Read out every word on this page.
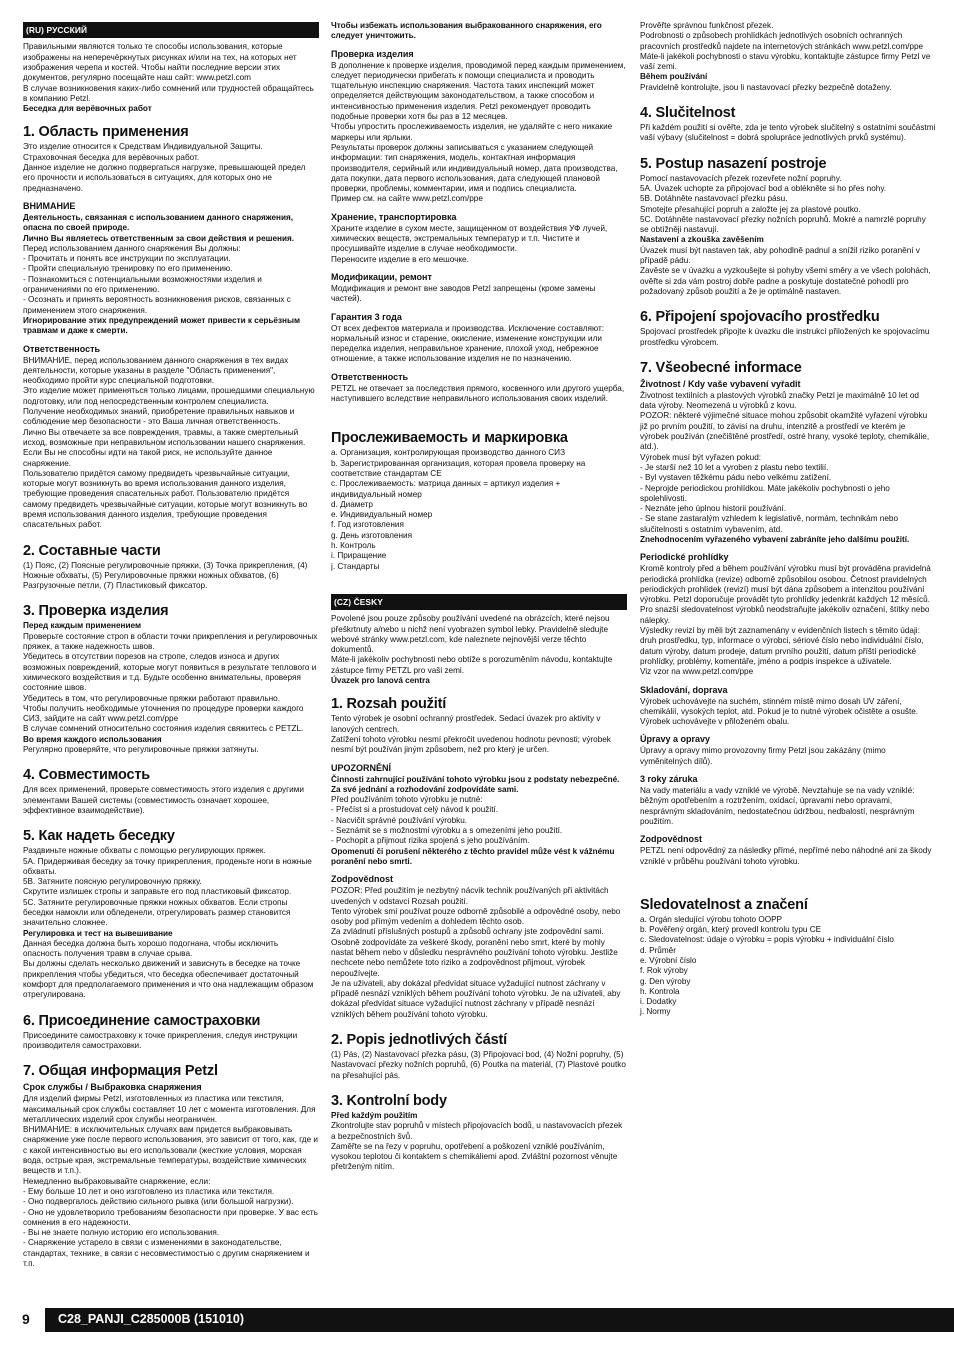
(RU) РУССКИЙ

Правильными являются только те способы использования, которые изображены на неперечёркнутых рисунках и/или на тех, на которых нет изображения черепа и костей. Чтобы найти последние версии этих документов, регулярно посещайте наш сайт: www.petzl.com

В случае возникновения каких-либо сомнений или трудностей обращайтесь в компанию Petzl.

Беседка для верёвочных работ

1. Область применения

Это изделие относится к Средствам Индивидуальной Защиты.
Страховочная беседка для верёвочных работ.
Данное изделие не должно подвергаться нагрузке, превышающей предел его прочности и использоваться в ситуациях, для которых оно не предназначено.

ВНИМАНИЕ

Деятельность, связанная с использованием данного снаряжения, опасна по своей природе.

Лично Вы являетесь ответственным за свои действия и решения.

Перед использованием данного снаряжения Вы должны:
- Прочитать и понять все инструкции по эксплуатации.
- Пройти специальную тренировку по его применению.
- Познакомиться с потенциальными возможностями изделия и ограничениями по его применению.
- Осознать и принять вероятность возникновения рисков, связанных с применением этого снаряжения.

Игнорирование этих предупреждений может привести к серьёзным травмам и даже к смерти.

Ответственность

ВНИМАНИЕ, перед использованием данного снаряжения в тех видах деятельности, которые указаны в разделе "Область применения", необходимо пройти курс специальной подготовки.
Это изделие может применяться только лицами, прошедшими специальную подготовку, или под непосредственным контролем специалиста.
Получение необходимых знаний, приобретение правильных навыков и соблюдение мер безопасности - это Ваша личная ответственность.
Лично Вы отвечаете за все повреждения, травмы, а также смертельный исход, возможные при неправильном использовании нашего снаряжения. Если Вы не способны идти на такой риск, не используйте данное снаряжение.
Пользователю придётся самому предвидеть чрезвычайные ситуации, которые могут возникнуть во время использования данного изделия, требующие проведения спасательных работ. Пользователю придётся самому предвидеть чрезвычайные ситуации, которые могут возникнуть во время использования данного изделия, требующие проведения спасательных работ.

2. Составные части

(1) Пояс, (2) Поясные регулировочные пряжки, (3) Точка прикрепления, (4) Ножные обхваты, (5) Регулировочные пряжки ножных обхватов, (6) Разгрузочные петли, (7) Пластиковый фиксатор.

3. Проверка изделия

Перед каждым применением

Проверьте состояние строп в области точки прикрепления и регулировочных пряжек, а также надежность швов.
Убедитесь в отсутствии порезов на стропе, следов износа и других возможных повреждений, которые могут появиться в результате теплового и химического воздействия и т.д. Будьте особенно внимательны, проверяя состояние швов.
Убедитесь в том, что регулировочные пряжки работают правильно.
Чтобы получить необходимые уточнения по процедуре проверки каждого СИЗ, зайдите на сайт www.petzl.com/ppe
В случае сомнений относительно состояния изделия свяжитесь с PETZL.

Во время каждого использования

Регулярно проверяйте, что регулировочные пряжки затянуты.

4. Совместимость

Для всех применений, проверьте совместимость этого изделия с другими элементами Вашей системы (совместимость означает хорошее, эффективное взаимодействие).

5. Как надеть беседку

Раздвиньте ножные обхваты с помощью регулирующих пряжек.
5A. Придерживая беседку за точку прикрепления, проденьте ноги в ножные обхваты.
5B. Затяните поясную регулировочную пряжку.
Скрутите излишек стропы и заправьте его под пластиковый фиксатор.
5C. Затяните регулировочные пряжки ножных обхватов. Если стропы беседки намокли или обледенели, отрегулировать размер становится значительно сложнее.

Регулировка и тест на вывешивание

Данная беседка должна быть хорошо подогнана, чтобы исключить опасность получения травм в случае срыва.
Вы должны сделать несколько движений и зависнуть в беседке на точке прикрепления чтобы убедиться, что беседка обеспечивает достаточный комфорт для предполагаемого применения и что она надлежащим образом отрегулирована.

6. Присоединение самостраховки

Присоедините самостраховку к точке прикрепления, следуя инструкции производителя самостраховки.

7. Общая информация Petzl
Срок службы / Выбраковка снаряжения

Для изделий фирмы Petzl, изготовленных из пластика или текстиля, максимальный срок службы составляет 10 лет с момента изготовления. Для металлических изделий срок службы неограничен.
ВНИМАНИЕ: в исключительных случаях вам придется выбраковывать снаряжение уже после первого использования, это зависит от того, как, где и с какой интенсивностью вы его использовали (жесткие условия, морская вода, острые края, экстремальные температуры, воздействие химических веществ и т.п.).
Немедленно выбраковывайте снаряжение, если:
- Ему больше 10 лет и оно изготовлено из пластика или текстиля.
- Оно подвергалось действию сильного рывка (или большой нагрузки).
- Оно не удовлетворило требованиям безопасности при проверке. У вас есть сомнения в его надежности.
- Вы не знаете полную историю его использования.
- Снаряжение устарело в связи с изменениями в законодательстве, стандартах, технике, в связи с несовместимостью с другим снаряжением и т.п.

Чтобы избежать использования выбракованного снаряжения, его следует уничтожить.

Проверка изделия

В дополнение к проверке изделия, проводимой перед каждым применением, следует периодически прибегать к помощи специалиста и проводить тщательную инспекцию снаряжения. Частота таких инспекций может определяется действующим законодательством, а также способом и интенсивностью применения изделия. Petzl рекомендует проводить подобные проверки хотя бы раз в 12 месяцев.
Чтобы упростить прослеживаемость изделия, не удаляйте с него никакие маркеры или ярлыки.
Результаты проверок должны записываться с указанием следующей информации: тип снаряжения, модель, контактная информация производителя, серийный или индивидуальный номер, дата производства, дата покупки, дата первого использования, дата следующей плановой проверки, проблемы, комментарии, имя и подпись специалиста.
Пример см. на сайте www.petzl.com/ppe

Хранение, транспортировка

Храните изделие в сухом месте, защищенном от воздействия УФ лучей, химических веществ, экстремальных температур и т.п. Чистите и просушивайте изделие в случае необходимости.
Переносите изделие в его мешочке.

Модификации, ремонт

Модификация и ремонт вне заводов Petzl запрещены (кроме замены частей).

Гарантия 3 года

От всех дефектов материала и производства. Исключение составляют: нормальный износ и старение, окисление, изменение конструкции или переделка изделия, неправильное хранение, плохой уход, небрежное отношение, а также использование изделия не по назначению.

Ответственность

PETZL не отвечает за последствия прямого, косвенного или другого ущерба, наступившего вследствие неправильного использования своих изделий.

Прослеживаемость и маркировка

a. Организация, контролирующая производство данного СИЗ
b. Зарегистрированная организация, которая провела проверку на соответствие стандартам CE
c. Прослеживаемость: матрица данных = артикул изделия + индивидуальный номер
d. Диаметр
e. Индивидуальный номер
f. Год изготовления
g. День изготовления
h. Контроль
i. Приращение
j. Стандарты

(CZ) ČESKY

Povolené jsou pouze způsoby používání uvedené na obrázcích, které nejsou přeškrtnuty a/nebo u nichž není vyobrazen symbol lebky. Pravidelně sledujte webové stránky www.petzl.com, kde naleznete nejnovější verze těchto dokumentů.
Máte-li jakékoliv pochybnosti nebo obtíže s porozuměním návodu, kontaktujte zástupce firmy PETZL pro vaši zemi.

Úvazek pro lanová centra

1. Rozsah použití

Tento výrobek je osobní ochranný prostředek. Sedací úvazek pro aktivity v lanových centrech.
Zatížení tohoto výrobku nesmí překročit uvedenou hodnotu pevnosti; výrobek nesmí být používán jiným způsobem, než pro který je určen.

UPOZORNĚNÍ

Činnosti zahrnující používání tohoto výrobku jsou z podstaty nebezpečné.

Za své jednání a rozhodování zodpovídáte sami.

Před používáním tohoto výrobku je nutné:
- Přečíst si a prostudovat celý návod k použití.
- Nacvičit správné používání výrobku.
- Seznámit se s možnostmi výrobku a s omezeními jeho použití.
- Pochopit a přijmout rizika spojená s jeho používáním.

Opomenutí či porušení některého z těchto pravidel může vést k vážnému poranění nebo smrti.

Zodpovědnost

POZOR: Před použitím je nezbytný nácvik technik používaných při aktivitách uvedených v odstavci Rozsah použití.
Tento výrobek smí používat pouze odborně způsobilé a odpovědné osoby, nebo osoby pod přímým vedením a dohledem těchto osob.
Za zvládnutí příslušných postupů a způsobů ochrany jste zodpovědní sami.
Osobně zodpovídáte za veškeré škody, poranění nebo smrt, které by mohly nastat během nebo v důsledku nesprávného používání tohoto výrobku. Jestliže nechcete nebo nemůžete toto riziko a zodpovědnost přijmout, výrobek nepoužívejte.
Je na uživateli, aby dokázal předvídat situace vyžadující nutnost záchrany v případě nesnází vzniklých během používání tohoto výrobku. Je na uživateli, aby dokázal předvídat situace vyžadující nutnost záchrany v případě nesnází vzniklých během používání tohoto výrobku.

2. Popis jednotlivých částí

(1) Pás, (2) Nastavovací přezka pásu, (3) Připojovací bod, (4) Nožní popruhy, (5) Nastavovací přezky nožních popruhů, (6) Poutka na materiál, (7) Plastové poutko na přesahující pás.

3. Kontrolní body

Před každým použitím

Zkontrolujte stav popruhů v místech připojovacích bodů, u nastavovacích přezek a bezpečnostních švů.
Zaměřte se na řezy v popruhu, opotřebení a poškození vzniklé používáním, vysokou teplotou či kontaktem s chemikáliemi apod. Zvláštní pozornost věnujte přetrženým nitím.

Prověřte správnou funkčnost přezek.
Podrobnosti o způsobech prohlídkách jednotlivých osobních ochranných pracovních prostředků najdete na internetových stránkách www.petzl.com/ppe
Máte-li jakékoli pochybnosti o stavu výrobku, kontaktujte zástupce firmy Petzl ve vaší zemi.

Během používání

Pravidelně kontrolujte, jsou li nastavovací přezky bezpečně dotaženy.

4. Slučitelnost

Při každém použití si ověřte, zda je tento výrobek slučitelný s ostatními součástmi vaší výbavy (slučitelnost = dobrá spolupráce jednotlivých prvků systému).

5. Postup nasazení postroje

Pomocí nastavovacích přezek rozevřete nožní popruhy.
5A. Úvazek uchopte za připojovací bod a oblékněte si ho přes nohy.
5B. Dotáhněte nastavovací přezku pásu.
Smotejte přesahující popruh a založte jej za plastové poutko.
5C. Dotáhněte nastavovací přezky nožních popruhů. Mokré a namrzlé popruhy se obtížněji nastavují.

Nastavení a zkouška zavěšením

Úvazek musí být nastaven tak, aby pohodlně padnul a snížil riziko poranění v případě pádu.
Zavěste se v úvazku a vyzkoušejte si pohyby všemi směry a ve všech polohách, ověřte si zda vám postroj dobře padne a poskytuje dostatečné pohodlí pro požadovaný způsob použití a že je optimálně nastaven.

6. Připojení spojovacího prostředku

Spojovací prostředek připojte k úvazku dle instrukcí přiložených ke spojovacímu prostředku výrobcem.

7. Všeobecné informace
Životnost / Kdy vaše vybavení vyřadit

Životnost textilních a plastových výrobků značky Petzl je maximálně 10 let od data výroby. Neomezená u výrobků z kovu.
POZOR: některé výjimečné situace mohou způsobit okamžité vyřazení výrobku již po prvním použití, to závisí na druhu, intenzitě a prostředí ve kterém je výrobek používán (znečištěné prostředí, ostré hrany, vysoké teploty, chemikálie, atd.).
Výrobek musí být vyřazen pokud:
- Je starší než 10 let a vyroben z plastu nebo textilií.
- Byl vystaven těžkému pádu nebo velkému zatížení.
- Neprojde periodickou prohlídkou. Máte jakékoliv pochybnosti o jeho spolehlivosti.
- Neznáte jeho úplnou historii používání.
- Se stane zastaralým vzhledem k legislativě, normám, technikám nebo slučitelnosti s ostatním vybavením, atd.

Znehodnocením vyřazeného vybavení zabráníte jeho dalšímu použití.

Periodické prohlídky

Kromě kontroly před a během používání výrobku musí být prováděna pravidelná periodická prohlídka (revize) odborně způsobilou osobou. Četnost pravidelných periodických prohlídek (revizí) musí být dána způsobem a intenzitou používání výrobku. Petzl doporučuje provádět tyto prohlídky jedenkrát každých 12 měsíců.
Pro snazší sledovatelnost výrobků neodstraňujte jakékoliv označení, štítky nebo nálepky.
Výsledky revizí by měli být zaznamenány v evidenčních listech s těmito údaji: druh prostředku, typ, informace o výrobci, sériové číslo nebo individuální číslo, datum výroby, datum prodeje, datum prvního použití, datum příští periodické prohlídky, problémy, komentáře, jméno a podpis inspekce a uživatele.
Viz vzor na www.petzl.com/ppe

Skladování, doprava

Výrobek uchovávejte na suchém, stinném místě mimo dosah UV záření, chemikálií, vysokých teplot, atd. Pokud je to nutné výrobek očistěte a osušte. Výrobek uchovávejte v přiloženém obalu.

Úpravy a opravy

Úpravy a opravy mimo provozovny firmy Petzl jsou zakázány (mimo vyměnitelných dílů).

3 roky záruka

Na vady materiálu a vady vzniklé ve výrobě. Nevztahuje se na vady vzniklé: běžným opotřebením a roztržením, oxidací, úpravami nebo opravami, nesprávným skladováním, nedostatečnou údržbou, nedbalostí, nesprávným použitím.

Zodpovědnost

PETZL není odpovědný za následky přímé, nepřímé nebo náhodné ani za škody vzniklé v průběhu používání tohoto výrobku.

Sledovatelnost a značení

a. Orgán sledující výrobu tohoto OOPP
b. Pověřený orgán, který provedl kontrolu typu CE
c. Sledovatelnost: údaje o výrobku = popis výrobku + individuální číslo
d. Průměr
e. Výrobní číslo
f. Rok výroby
g. Den výroby
h. Kontrola
i. Dodatky
j. Normy

9 C28_PANJI_C285000B (151010)
